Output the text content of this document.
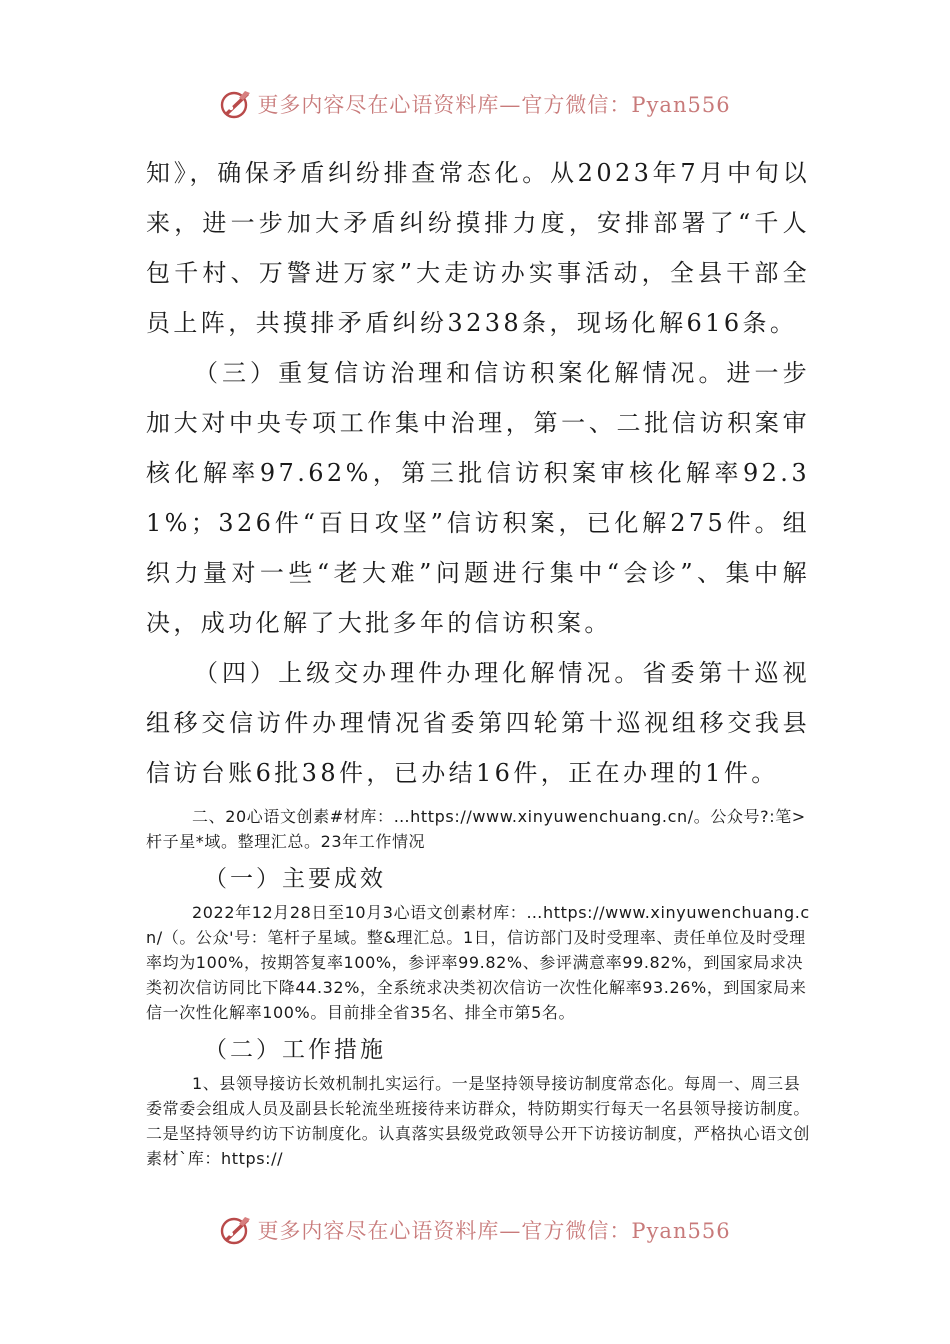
更多内容尽在心语资料库—官方微信：Pyan556

知》，确保矛盾纠纷排查常态化。从2023年7月中旬以来，进一步加大矛盾纠纷摸排力度，安排部署了“千人包千村、万警进万家”大走访办实事活动，全县干部全员上阵，共摸排矛盾纠纷3238条，现场化解616条。

（三）重复信访治理和信访积案化解情况。进一步加大对中央专项工作集中治理，第一、二批信访积案审核化解率97.62%，第三批信访积案审核化解率92.31%；326件“百日攻坚”信访积案，已化解275件。组织力量对一些“老大难”问题进行集中“会诊”、集中解决，成功化解了大批多年的信访积案。

（四）上级交办理件办理化解情况。省委第十巡视组移交信访件办理情况省委第四轮第十巡视组移交我县信访台账6批38件，已办结16件，正在办理的1件。

二、20心语文创素#材库：…https://www.xinyuwenchuang.cn/。公众号?:笔>杆子星*域。整理汇总。23年工作情况

（一）主要成效

2022年12月28日至10月3心语文创素材库：…https://www.xinyuwenchuang.cn/（。公众'号：笔杆子星域。整&理汇总。1日，信访部门及时受理率、责任单位及时受理率均为100%，按期答复率100%，参评率99.82%、参评满意率99.82%，到国家局求决类初次信访同比下降44.32%，全系统求决类初次信访一次性化解率93.26%，到国家局来信一次性化解率100%。目前排全省35名、排全市第5名。

（二）工作措施

1、县领导接访长效机制扎实运行。一是坚持领导接访制度常态化。每周一、周三县委常委会组成人员及副县长轮流坐班接待来访群众，特防期实行每天一名县领导接访制度。二是坚持领导约访下访制度化。认真落实县级党政领导公开下访接访制度，严格执心语文创素材`库：https://

更多内容尽在心语资料库—官方微信：Pyan556
